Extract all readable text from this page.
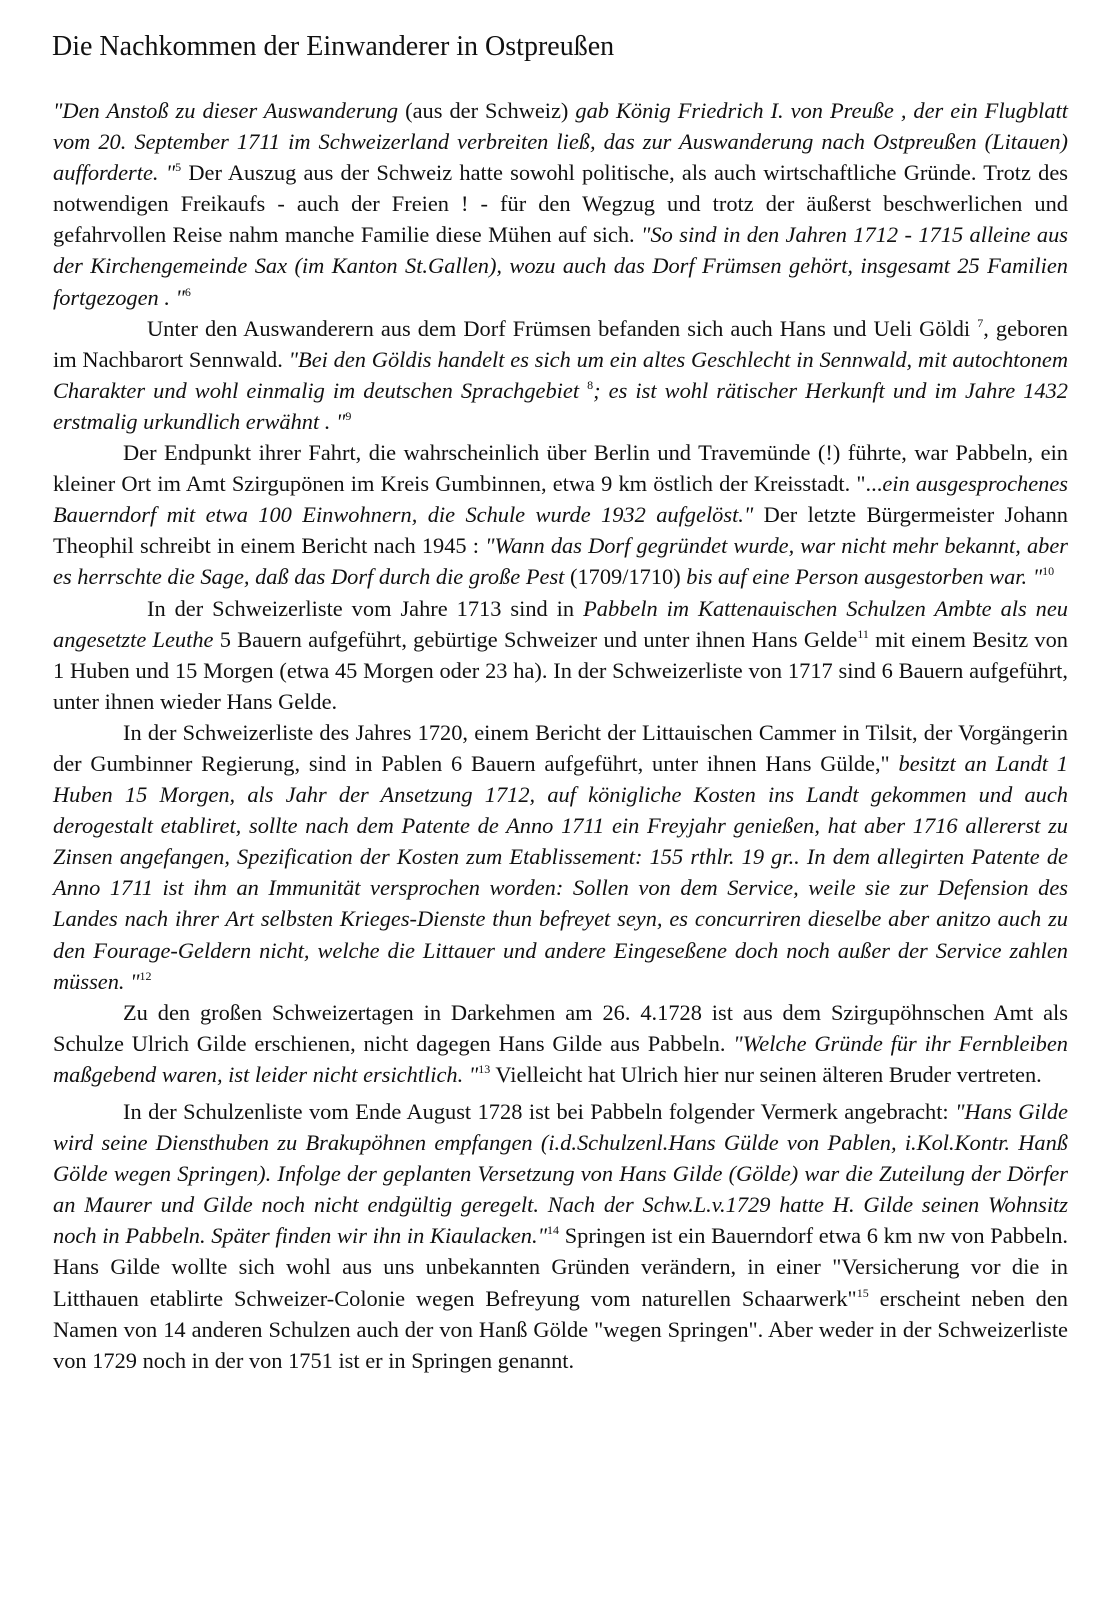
Die Nachkommen der Einwanderer in Ostpreußen

"Den Anstoß zu dieser Auswanderung (aus der Schweiz) gab König Friedrich I. von Preuße , der ein Flugblatt vom 20. September 1711 im Schweizerland verbreiten ließ, das zur Auswanderung nach Ostpreußen (Litauen) aufforderte. "$^5$ Der Auszug aus der Schweiz hatte sowohl politische, als auch wirtschaftliche Gründe. Trotz des notwendigen Freikaufs - auch der Freien ! - für den Wegzug und trotz der äußerst beschwerlichen und gefahrvollen Reise nahm manche Familie diese Mühen auf sich. "So sind in den Jahren 1712 - 1715 alleine aus der Kirchengemeinde Sax (im Kanton St.Gallen), wozu auch das Dorf Frümsen gehört, insgesamt 25 Familien fortgezogen . "$^6$

Unter den Auswanderern aus dem Dorf Frümsen befanden sich auch Hans und Ueli Göldi $^7$, geboren im Nachbarort Sennwald. "Bei den Göldis handelt es sich um ein altes Geschlecht in Sennwald, mit autochtonem Charakter und wohl einmalig im deutschen Sprachgebiet $^8$; es ist wohl rätischer Herkunft und im Jahre 1432 erstmalig urkundlich erwähnt . "$^9$

Der Endpunkt ihrer Fahrt, die wahrscheinlich über Berlin und Travemünde (!) führte, war Pabbeln, ein kleiner Ort im Amt Szirgupönen im Kreis Gumbinnen, etwa 9 km östlich der Kreisstadt. "...ein ausgesprochenes Bauerndorf mit etwa 100 Einwohnern, die Schule wurde 1932 aufgelöst." Der letzte Bürgermeister Johann Theophil schreibt in einem Bericht nach 1945 : "Wann das Dorf gegründet wurde, war nicht mehr bekannt, aber es herrschte die Sage, daß das Dorf durch die große Pest (1709/1710) bis auf eine Person ausgestorben war. "$^{10}$

In der Schweizerliste vom Jahre 1713 sind in Pabbeln im Kattenauischen Schulzen Ambte als neu angesetzte Leuthe 5 Bauern aufgeführt, gebürtige Schweizer und unter ihnen Hans Gelde$^{11}$ mit einem Besitz von 1 Huben und 15 Morgen (etwa 45 Morgen oder 23 ha). In der Schweizerliste von 1717 sind 6 Bauern aufgeführt, unter ihnen wieder Hans Gelde.

In der Schweizerliste des Jahres 1720, einem Bericht der Littauischen Cammer in Tilsit, der Vorgängerin der Gumbinner Regierung, sind in Pablen 6 Bauern aufgeführt, unter ihnen Hans Gülde," besitzt an Landt 1 Huben 15 Morgen, als Jahr der Ansetzung 1712, auf königliche Kosten ins Landt gekommen und auch derogestalt etabliret, sollte nach dem Patente de Anno 1711 ein Freyjahr genießen, hat aber 1716 allererst zu Zinsen angefangen, Spezification der Kosten zum Etablissement: 155 rthlr. 19 gr.. In dem allegirten Patente de Anno 1711 ist ihm an Immunität versprochen worden: Sollen von dem Service, weile sie zur Defension des Landes nach ihrer Art selbsten Krieges-Dienste thun befreyet seyn, es concurriren dieselbe aber anitzo auch zu den Fourage-Geldern nicht, welche die Littauer und andere Eingeseßene doch noch außer der Service zahlen müssen. "$^{12}$

Zu den großen Schweizertagen in Darkehmen am 26. 4.1728 ist aus dem Szirgupöhnschen Amt als Schulze Ulrich Gilde erschienen, nicht dagegen Hans Gilde aus Pabbeln. "Welche Gründe für ihr Fernbleiben maßgebend waren, ist leider nicht ersichtlich. "$^{13}$ Vielleicht hat Ulrich hier nur seinen älteren Bruder vertreten.

In der Schulzenliste vom Ende August 1728 ist bei Pabbeln folgender Vermerk angebracht: "Hans Gilde wird seine Diensthuben zu Brakupöhnen empfangen (i.d.Schulzenl.Hans Gülde von Pablen, i.Kol.Kontr. Hanß Gölde wegen Springen). Infolge der geplanten Versetzung von Hans Gilde (Gölde) war die Zuteilung der Dörfer an Maurer und Gilde noch nicht endgültig geregelt. Nach der Schw.L.v.1729 hatte H. Gilde seinen Wohnsitz noch in Pabbeln. Später finden wir ihn in Kiaulacken."$^{14}$ Springen ist ein Bauerndorf etwa 6 km nw von Pabbeln. Hans Gilde wollte sich wohl aus uns unbekannten Gründen verändern, in einer "Versicherung vor die in Litthauen etablirte Schweizer-Colonie wegen Befreyung vom naturellen Schaarwerk"$^{15}$ erscheint neben den Namen von 14 anderen Schulzen auch der von Hanß Gölde "wegen Springen". Aber weder in der Schweizerliste von 1729 noch in der von 1751 ist er in Springen genannt.
